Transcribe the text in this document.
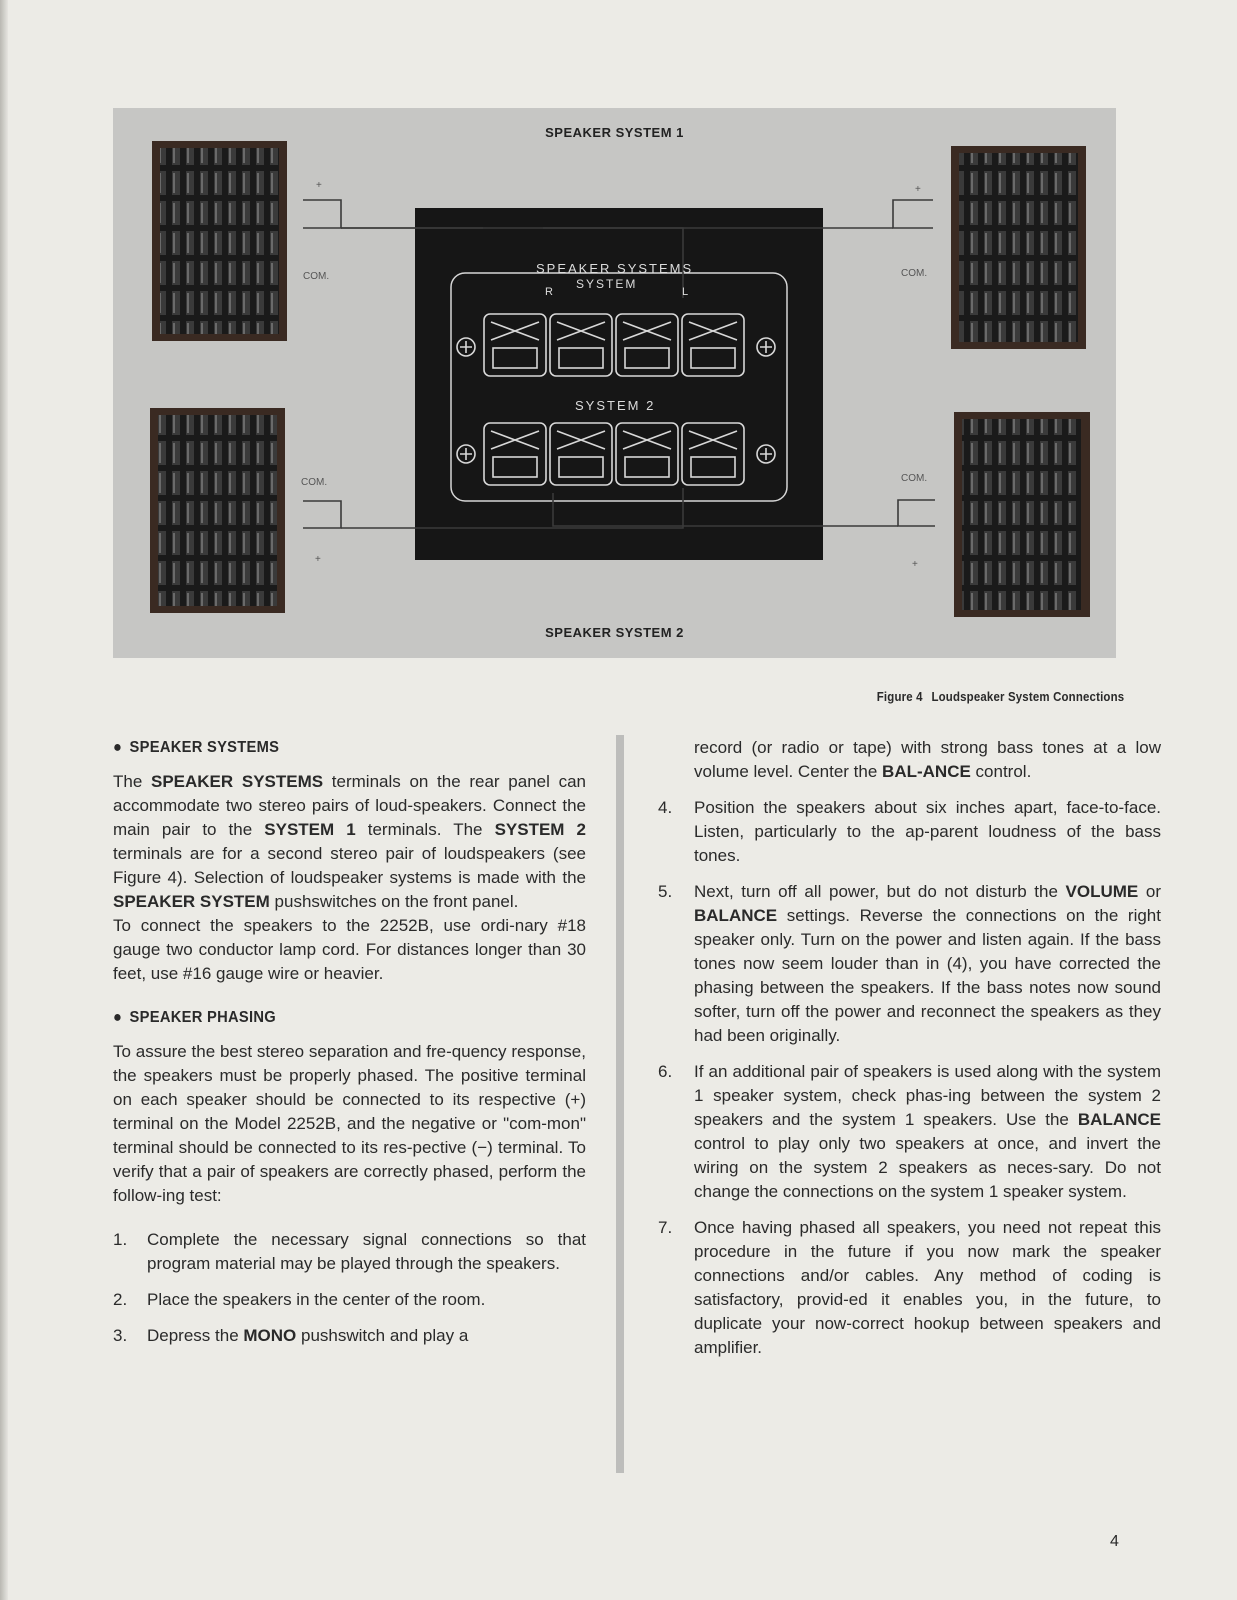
SPEAKER SYSTEM 1
SPEAKER SYSTEM 2
SPEAKER SYSTEMS
SYSTEM
R	L
SYSTEM 2
+
COM.
+
COM.
COM.
+
COM.
+
Figure 4 Loudspeaker System Connections
● SPEAKER SYSTEMS

The SPEAKER SYSTEMS terminals on the rear panel can accommodate two stereo pairs of loud-speakers. Connect the main pair to the SYSTEM 1 terminals. The SYSTEM 2 terminals are for a second stereo pair of loudspeakers (see Figure 4). Selection of loudspeaker systems is made with the SPEAKER SYSTEM pushswitches on the front panel.

To connect the speakers to the 2252B, use ordi-nary #18 gauge two conductor lamp cord. For distances longer than 30 feet, use #16 gauge wire or heavier.

● SPEAKER PHASING

To assure the best stereo separation and fre-quency response, the speakers must be properly phased. The positive terminal on each speaker should be connected to its respective (+) terminal on the Model 2252B, and the negative or "com-mon" terminal should be connected to its res-pective (−) terminal. To verify that a pair of speakers are correctly phased, perform the follow-ing test:

1.	Complete the necessary signal connections so that program material may be played through the speakers.
2.	Place the speakers in the center of the room.
3.	Depress the MONO pushswitch and play a

record (or radio or tape) with strong bass tones at a low volume level. Center the BAL-ANCE control.

4.	Position the speakers about six inches apart, face-to-face. Listen, particularly to the ap-parent loudness of the bass tones.
5.	Next, turn off all power, but do not disturb the VOLUME or BALANCE settings. Reverse the connections on the right speaker only. Turn on the power and listen again. If the bass tones now seem louder than in (4), you have corrected the phasing between the speakers. If the bass notes now sound softer, turn off the power and reconnect the speakers as they had been originally.
6.	If an additional pair of speakers is used along with the system 1 speaker system, check phas-ing between the system 2 speakers and the system 1 speakers. Use the BALANCE control to play only two speakers at once, and invert the wiring on the system 2 speakers as neces-sary. Do not change the connections on the system 1 speaker system.
7.	Once having phased all speakers, you need not repeat this procedure in the future if you now mark the speaker connections and/or cables. Any method of coding is satisfactory, provid-ed it enables you, in the future, to duplicate your now-correct hookup between speakers and amplifier.
4
